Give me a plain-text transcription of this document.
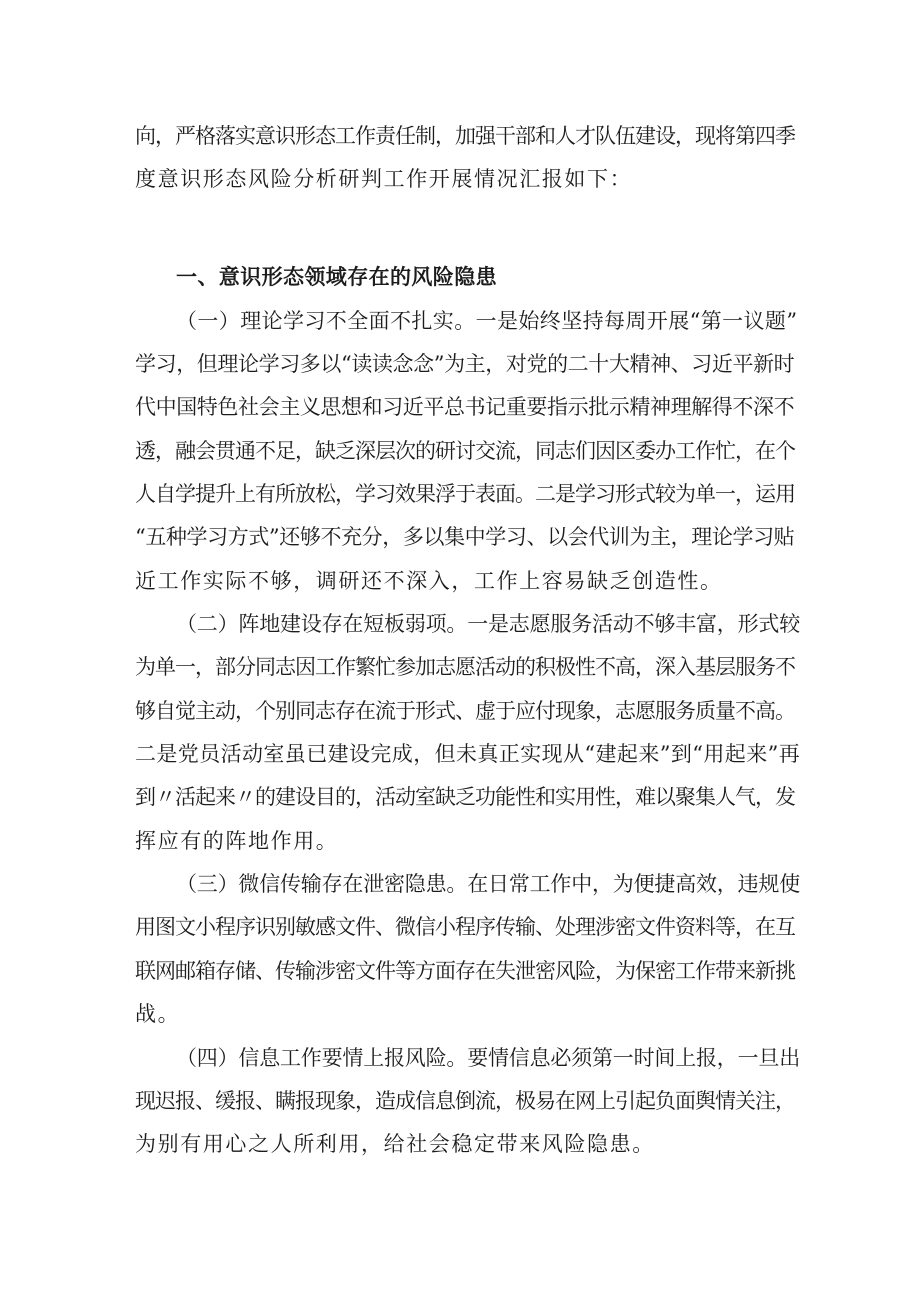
向，严格落实意识形态工作责任制，加强干部和人才队伍建设，现将第四季

度意识形态风险分析研判工作开展情况汇报如下：

一、意识形态领域存在的风险隐患

（一）理论学习不全面不扎实。一是始终坚持每周开展“第一议题”

学习，但理论学习多以“读读念念”为主，对党的二十大精神、习近平新时

代中国特色社会主义思想和习近平总书记重要指示批示精神理解得不深不

透，融会贯通不足，缺乏深层次的研讨交流，同志们因区委办工作忙，在个

人自学提升上有所放松，学习效果浮于表面。二是学习形式较为单一，运用

“五种学习方式”还够不充分，多以集中学习、以会代训为主，理论学习贴

近工作实际不够，调研还不深入，工作上容易缺乏创造性。

（二）阵地建设存在短板弱项。一是志愿服务活动不够丰富，形式较

为单一，部分同志因工作繁忙参加志愿活动的积极性不高，深入基层服务不

够自觉主动，个别同志存在流于形式、虚于应付现象，志愿服务质量不高。

二是党员活动室虽已建设完成，但未真正实现从“建起来”到“用起来”再

到〃活起来〃的建设目的，活动室缺乏功能性和实用性，难以聚集人气，发

挥应有的阵地作用。

（三）微信传输存在泄密隐患。在日常工作中，为便捷高效，违规使

用图文小程序识别敏感文件、微信小程序传输、处理涉密文件资料等，在互

联网邮箱存储、传输涉密文件等方面存在失泄密风险，为保密工作带来新挑

战。

（四）信息工作要情上报风险。要情信息必须第一时间上报，一旦出

现迟报、缓报、瞒报现象，造成信息倒流，极易在网上引起负面舆情关注，

为别有用心之人所利用，给社会稳定带来风险隐患。
